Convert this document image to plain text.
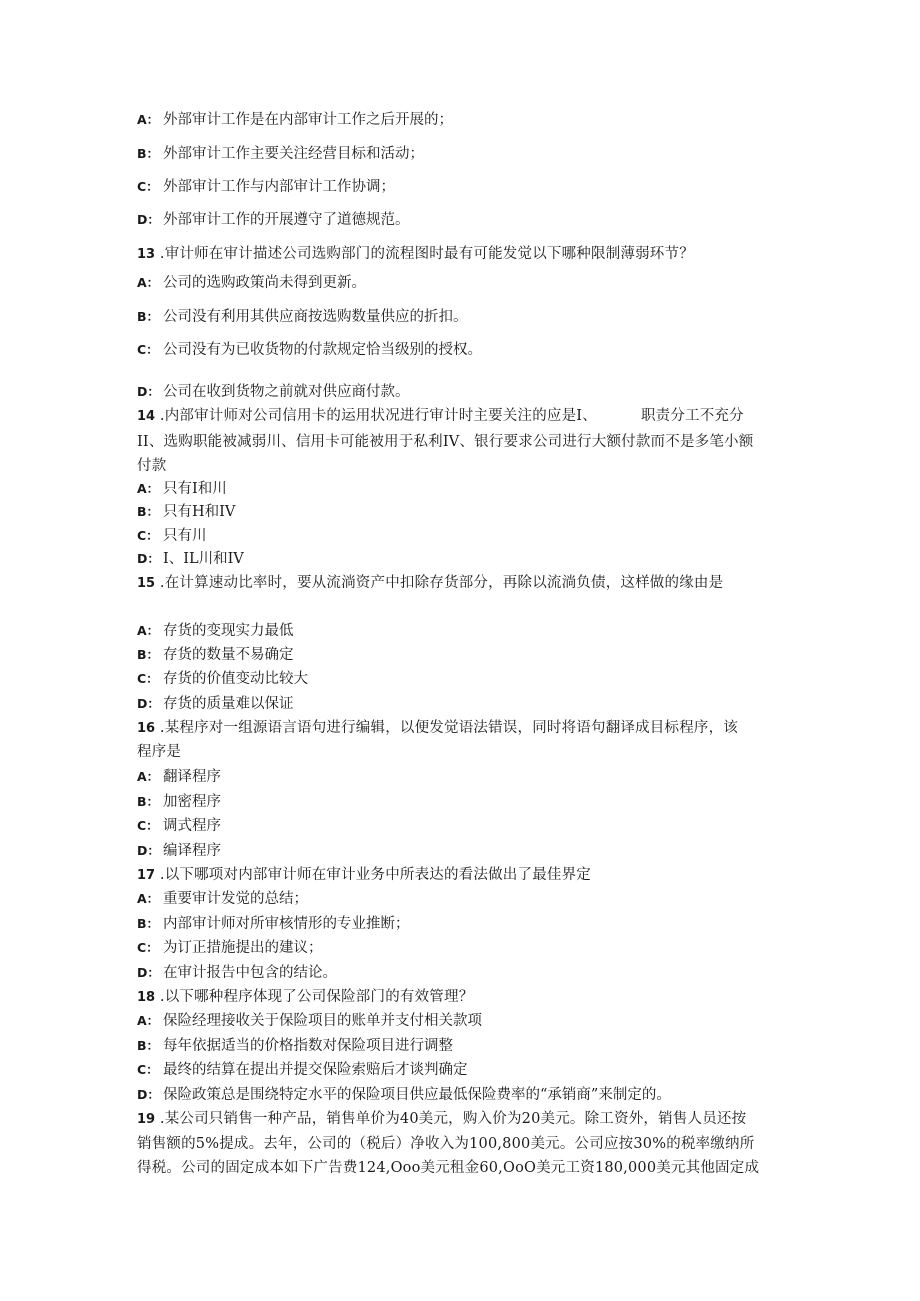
A： 外部审计工作是在内部审计工作之后开展的；
B： 外部审计工作主要关注经营目标和活动；
C： 外部审计工作与内部审计工作协调；
D： 外部审计工作的开展遵守了道德规范。
13 .审计师在审计描述公司选购部门的流程图时最有可能发觉以下哪种限制薄弱环节？
A： 公司的选购政策尚未得到更新。
B： 公司没有利用其供应商按选购数量供应的折扣。
C： 公司没有为已收货物的付款规定恰当级别的授权。
D： 公司在收到货物之前就对供应商付款。
14 .内部审计师对公司信用卡的运用状况进行审计时主要关注的应是I、	职责分工不充分
II、选购职能被减弱川、信用卡可能被用于私利IV、银行要求公司进行大额付款而不是多笔小额
付款
A： 只有I和川
B： 只有H和IV
C： 只有川
D： I、IL川和IV
15 .在计算速动比率时，要从流淌资产中扣除存货部分，再除以流淌负债，这样做的缘由是
A： 存货的变现实力最低
B： 存货的数量不易确定
C： 存货的价值变动比较大
D： 存货的质量难以保证
16 .某程序对一组源语言语句进行编辑，以便发觉语法错误，同时将语句翻译成目标程序，该
程序是
A： 翻译程序
B： 加密程序
C： 调式程序
D： 编译程序
17 .以下哪项对内部审计师在审计业务中所表达的看法做出了最佳界定
A： 重要审计发觉的总结；
B： 内部审计师对所审核情形的专业推断；
C： 为订正措施提出的建议；
D： 在审计报告中包含的结论。
18 .以下哪种程序体现了公司保险部门的有效管理？
A： 保险经理接收关于保险项目的账单并支付相关款项
B： 每年依据适当的价格指数对保险项目进行调整
C： 最终的结算在提出并提交保险索赔后才谈判确定
D： 保险政策总是围绕特定水平的保险项目供应最低保险费率的“承销商”来制定的。
19 .某公司只销售一种产品，销售单价为40美元，购入价为20美元。除工资外，销售人员还按
销售额的5%提成。去年，公司的（税后）净收入为100,800美元。公司应按30%的税率缴纳所
得税。公司的固定成本如下广告费124,Ooo美元租金60,OoO美元工资180,000美元其他固定成
